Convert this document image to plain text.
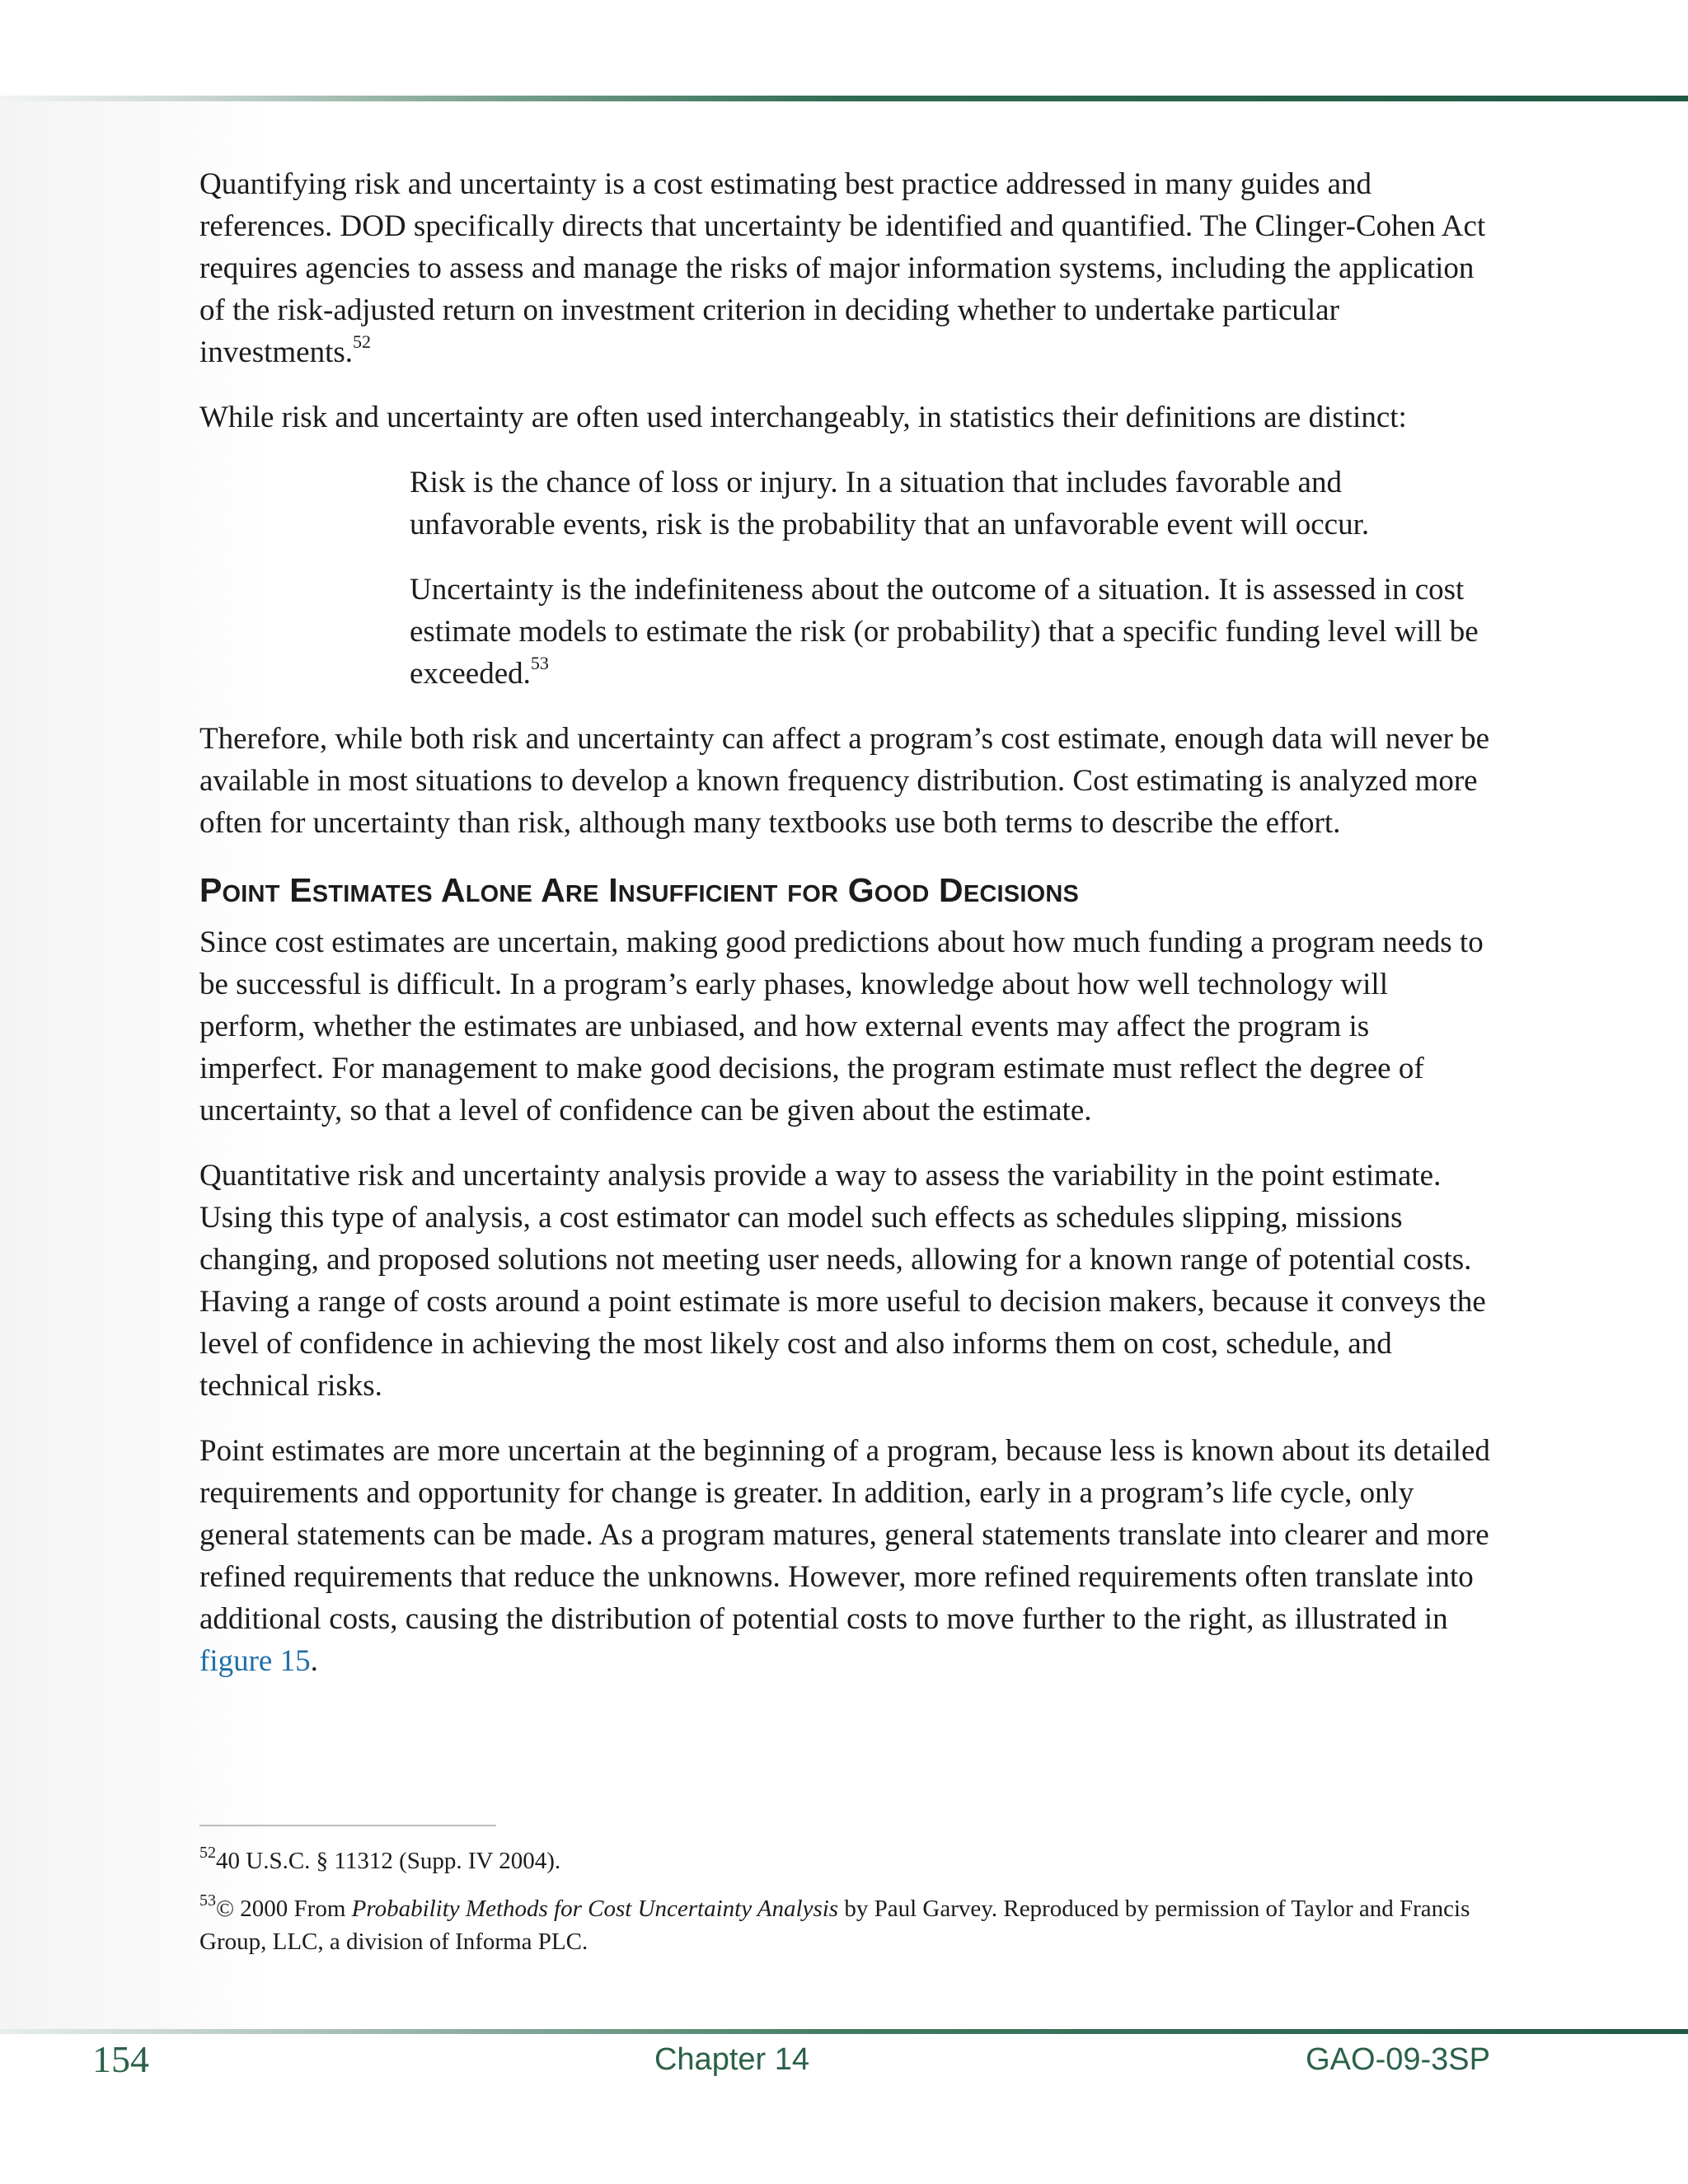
Quantifying risk and uncertainty is a cost estimating best practice addressed in many guides and references. DOD specifically directs that uncertainty be identified and quantified. The Clinger-Cohen Act requires agencies to assess and manage the risks of major information systems, including the application of the risk-adjusted return on investment criterion in deciding whether to undertake particular investments.$^{52}$

While risk and uncertainty are often used interchangeably, in statistics their definitions are distinct:

Risk is the chance of loss or injury. In a situation that includes favorable and unfavorable events, risk is the probability that an unfavorable event will occur.

Uncertainty is the indefiniteness about the outcome of a situation. It is assessed in cost estimate models to estimate the risk (or probability) that a specific funding level will be exceeded.$^{53}$

Therefore, while both risk and uncertainty can affect a program’s cost estimate, enough data will never be available in most situations to develop a known frequency distribution. Cost estimating is analyzed more often for uncertainty than risk, although many textbooks use both terms to describe the effort.

Point Estimates Alone Are Insufficient for Good Decisions

Since cost estimates are uncertain, making good predictions about how much funding a program needs to be successful is difficult. In a program’s early phases, knowledge about how well technology will perform, whether the estimates are unbiased, and how external events may affect the program is imperfect. For management to make good decisions, the program estimate must reflect the degree of uncertainty, so that a level of confidence can be given about the estimate.

Quantitative risk and uncertainty analysis provide a way to assess the variability in the point estimate. Using this type of analysis, a cost estimator can model such effects as schedules slipping, missions changing, and proposed solutions not meeting user needs, allowing for a known range of potential costs. Having a range of costs around a point estimate is more useful to decision makers, because it conveys the level of confidence in achieving the most likely cost and also informs them on cost, schedule, and technical risks.

Point estimates are more uncertain at the beginning of a program, because less is known about its detailed requirements and opportunity for change is greater. In addition, early in a program’s life cycle, only general statements can be made. As a program matures, general statements translate into clearer and more refined requirements that reduce the unknowns. However, more refined requirements often translate into additional costs, causing the distribution of potential costs to move further to the right, as illustrated in figure 15.

$^{52}$40 U.S.C. § 11312 (Supp. IV 2004).

$^{53}$© 2000 From Probability Methods for Cost Uncertainty Analysis by Paul Garvey. Reproduced by permission of Taylor and Francis Group, LLC, a division of Informa PLC.

154	Chapter 14	GAO-09-3SP
